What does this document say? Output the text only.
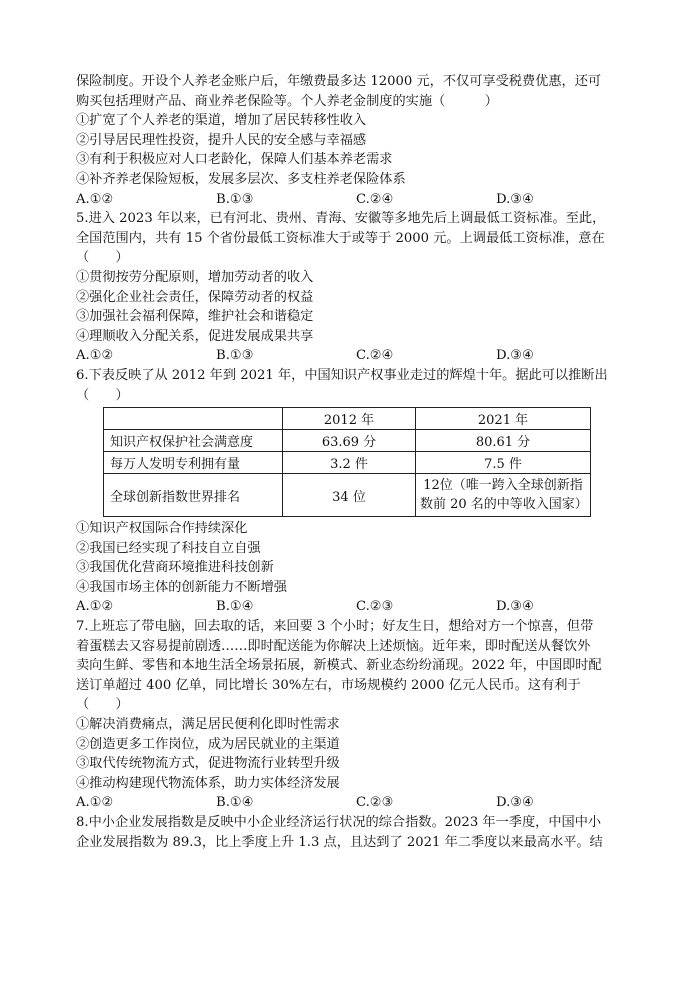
保险制度。开设个人养老金账户后，年缴费最多达 12000 元，不仅可享受税费优惠，还可
购买包括理财产品、商业养老保险等。个人养老金制度的实施（　　　）
①扩宽了个人养老的渠道，增加了居民转移性收入
②引导居民理性投资，提升人民的安全感与幸福感
③有利于积极应对人口老龄化，保障人们基本养老需求
④补齐养老保险短板，发展多层次、多支柱养老保险体系
A.①②	B.①③	C.②④	D.③④
5.进入 2023 年以来，已有河北、贵州、青海、安徽等多地先后上调最低工资标准。至此，
全国范围内，共有 15 个省份最低工资标准大于或等于 2000 元。上调最低工资标准，意在
（　　）
①贯彻按劳分配原则，增加劳动者的收入
②强化企业社会责任，保障劳动者的权益
③加强社会福利保障，维护社会和谐稳定
④理顺收入分配关系，促进发展成果共享
A.①②	B.①③	C.②④	D.③④
6.下表反映了从 2012 年到 2021 年，中国知识产权事业走过的辉煌十年。据此可以推断出
（　　）
	2012 年	2021 年
知识产权保护社会满意度	63.69 分	80.61 分
每万人发明专利拥有量	3.2 件	7.5 件
全球创新指数世界排名	34 位	12位（唯一跨入全球创新指数前 20 名的中等收入国家）
①知识产权国际合作持续深化
②我国已经实现了科技自立自强
③我国优化营商环境推进科技创新
④我国市场主体的创新能力不断增强
A.①②	B.①④	C.②③	D.③④
7.上班忘了带电脑，回去取的话，来回要 3 个小时；好友生日，想给对方一个惊喜，但带
着蛋糕去又容易提前剧透……即时配送能为你解决上述烦恼。近年来，即时配送从餐饮外
卖向生鲜、零售和本地生活全场景拓展，新模式、新业态纷纷涌现。2022 年，中国即时配
送订单超过 400 亿单，同比增长 30%左右，市场规模约 2000 亿元人民币。这有利于
（　　）
①解决消费痛点，满足居民便利化即时性需求
②创造更多工作岗位，成为居民就业的主渠道
③取代传统物流方式，促进物流行业转型升级
④推动构建现代物流体系，助力实体经济发展
A.①②	B.①④	C.②③	D.③④
8.中小企业发展指数是反映中小企业经济运行状况的综合指数。2023 年一季度，中国中小
企业发展指数为 89.3，比上季度上升 1.3 点，且达到了 2021 年二季度以来最高水平。结
